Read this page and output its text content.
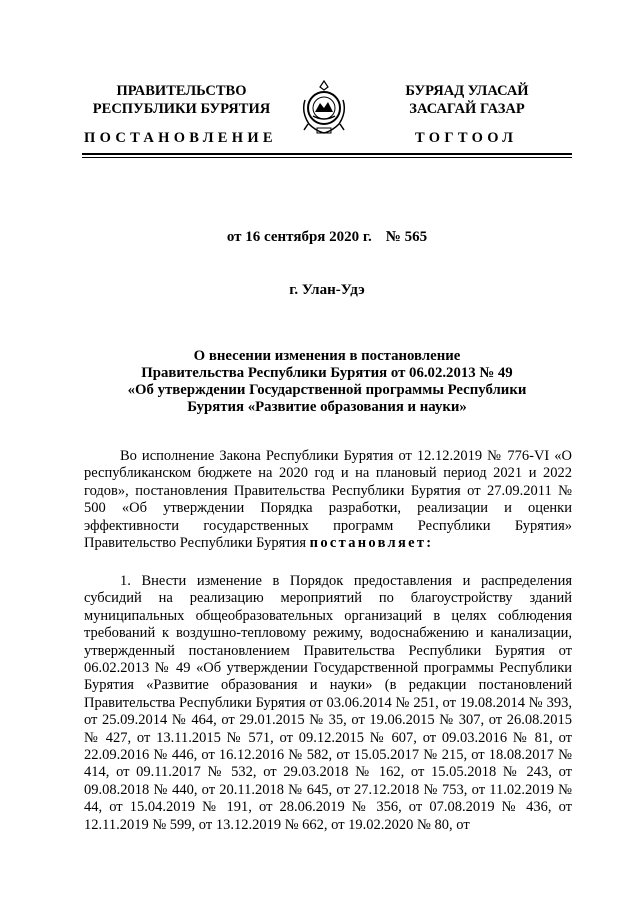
ПРАВИТЕЛЬСТВО
РЕСПУБЛИКИ БУРЯТИЯ
БУРЯАД УЛАСАЙ
ЗАСАГАЙ ГАЗАР
ПОСТАНОВЛЕНИЕ	ТОГТООЛ
от 16 сентября 2020 г. № 565
г. Улан-Удэ
О внесении изменения в постановление
Правительства Республики Бурятия от 06.02.2013 № 49
«Об утверждении Государственной программы Республики
Бурятия «Развитие образования и науки»
Во исполнение Закона Республики Бурятия от 12.12.2019 № 776-VI «О республиканском бюджете на 2020 год и на плановый период 2021 и 2022 годов», постановления Правительства Республики Бурятия от 27.09.2011 № 500 «Об утверждении Порядка разработки, реализации и оценки эффективности государственных программ Республики Бурятия» Правительство Республики Бурятия постановляет:
1. Внести изменение в Порядок предоставления и распределения субсидий на реализацию мероприятий по благоустройству зданий муниципальных общеобразовательных организаций в целях соблюдения требований к воздушно-тепловому режиму, водоснабжению и канализации, утвержденный постановлением Правительства Республики Бурятия от 06.02.2013 № 49 «Об утверждении Государственной программы Республики Бурятия «Развитие образования и науки» (в редакции постановлений Правительства Республики Бурятия от 03.06.2014 № 251, от 19.08.2014 № 393, от 25.09.2014 № 464, от 29.01.2015 № 35, от 19.06.2015 № 307, от 26.08.2015 № 427, от 13.11.2015 № 571, от 09.12.2015 № 607, от 09.03.2016 № 81, от 22.09.2016 № 446, от 16.12.2016 № 582, от 15.05.2017 № 215, от 18.08.2017 № 414, от 09.11.2017 № 532, от 29.03.2018 № 162, от 15.05.2018 № 243, от 09.08.2018 № 440, от 20.11.2018 № 645, от 27.12.2018 № 753, от 11.02.2019 № 44, от 15.04.2019 № 191, от 28.06.2019 № 356, от 07.08.2019 № 436, от 12.11.2019 № 599, от 13.12.2019 № 662, от 19.02.2020 № 80, от
